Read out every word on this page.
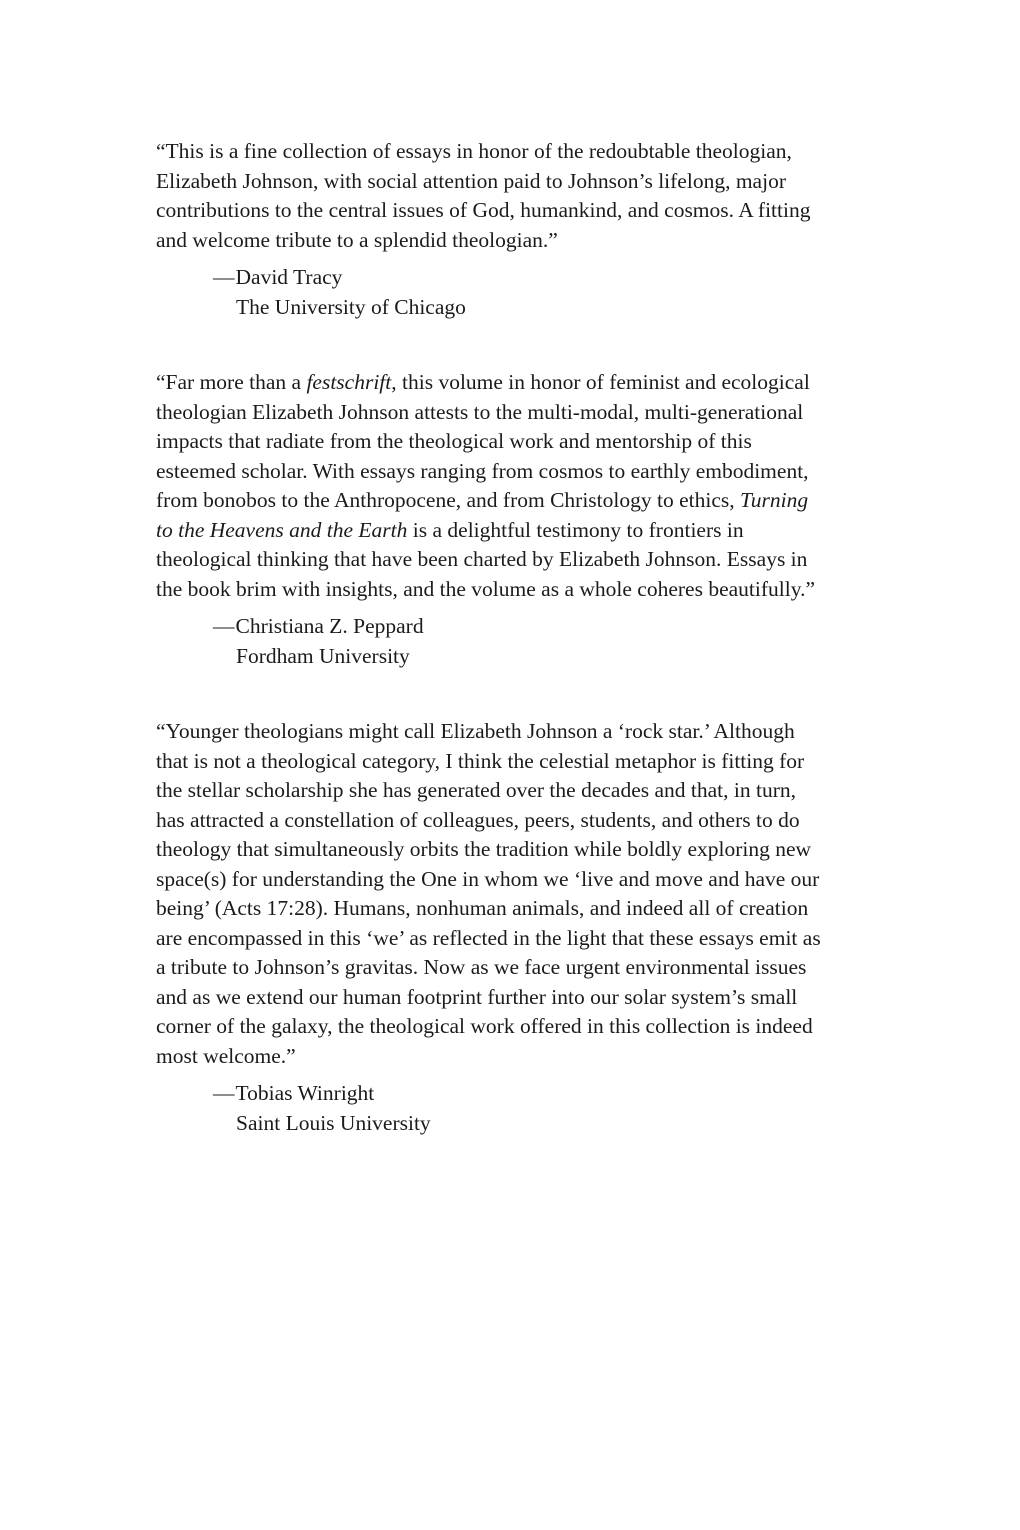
“This is a fine collection of essays in honor of the redoubtable theologian,
Elizabeth Johnson, with social attention paid to Johnson’s lifelong, major
contributions to the central issues of God, humankind, and cosmos. A fitting
and welcome tribute to a splendid theologian.”

— David Tracy
The University of Chicago

“Far more than a festschrift, this volume in honor of feminist and ecological
theologian Elizabeth Johnson attests to the multi-modal, multi-generational
impacts that radiate from the theological work and mentorship of this
esteemed scholar. With essays ranging from cosmos to earthly embodiment,
from bonobos to the Anthropocene, and from Christology to ethics, Turning
to the Heavens and the Earth is a delightful testimony to frontiers in
theological thinking that have been charted by Elizabeth Johnson. Essays in
the book brim with insights, and the volume as a whole coheres beautifully.”

— Christiana Z. Peppard
Fordham University

“Younger theologians might call Elizabeth Johnson a ‘rock star.’ Although
that is not a theological category, I think the celestial metaphor is fitting for
the stellar scholarship she has generated over the decades and that, in turn,
has attracted a constellation of colleagues, peers, students, and others to do
theology that simultaneously orbits the tradition while boldly exploring new
space(s) for understanding the One in whom we ‘live and move and have our
being’ (Acts 17:28). Humans, nonhuman animals, and indeed all of creation
are encompassed in this ‘we’ as reflected in the light that these essays emit as
a tribute to Johnson’s gravitas. Now as we face urgent environmental issues
and as we extend our human footprint further into our solar system’s small
corner of the galaxy, the theological work offered in this collection is indeed
most welcome.”

— Tobias Winright
Saint Louis University
